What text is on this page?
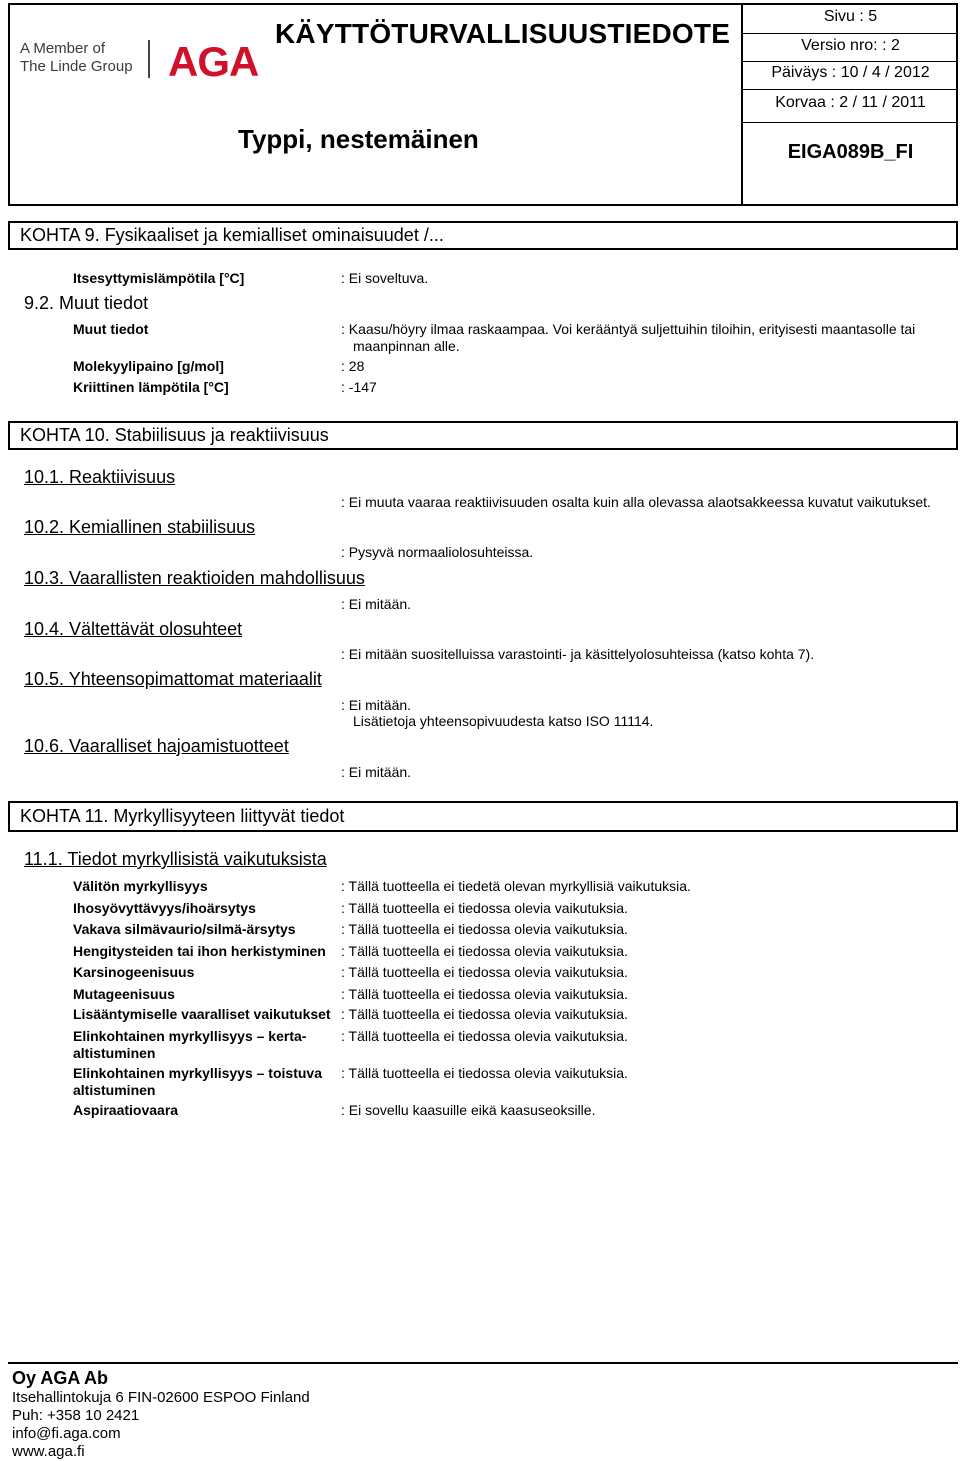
A Member of
The Linde Group AGA
KÄYTTÖTURVALLISUUSTIEDOTE
Typpi, nestemäinen
Sivu : 5
Versio nro: : 2
Päiväys : 10 / 4 / 2012
Korvaa : 2 / 11 / 2011
EIGA089B_FI
KOHTA 9. Fysikaaliset ja kemialliset ominaisuudet /...
Itsesyttymislämpötila [°C]	: Ei soveltuva.
9.2. Muut tiedot
Muut tiedot	: Kaasu/höyry ilmaa raskaampaa. Voi kerääntyä suljettuihin tiloihin, erityisesti maantasolle tai
maanpinnan alle.
Molekyylipaino [g/mol]	: 28
Kriittinen lämpötila [°C]	: -147
KOHTA 10. Stabiilisuus ja reaktiivisuus
10.1. Reaktiivisuus
: Ei muuta vaaraa reaktiivisuuden osalta kuin alla olevassa alaotsakkeessa kuvatut vaikutukset.
10.2. Kemiallinen stabiilisuus
: Pysyvä normaaliolosuhteissa.
10.3. Vaarallisten reaktioiden mahdollisuus
: Ei mitään.
10.4. Vältettävät olosuhteet
: Ei mitään suositelluissa varastointi- ja käsittelyolosuhteissa (katso kohta 7).
10.5. Yhteensopimattomat materiaalit
: Ei mitään.
Lisätietoja yhteensopivuudesta katso ISO 11114.
10.6. Vaaralliset hajoamistuotteet
: Ei mitään.
KOHTA 11. Myrkyllisyyteen liittyvät tiedot
11.1. Tiedot myrkyllisistä vaikutuksista
Välitön myrkyllisyys	: Tällä tuotteella ei tiedetä olevan myrkyllisiä vaikutuksia.
Ihosyövyttävyys/ihoärsytys	: Tällä tuotteella ei tiedossa olevia vaikutuksia.
Vakava silmävaurio/silmä-ärsytys	: Tällä tuotteella ei tiedossa olevia vaikutuksia.
Hengitysteiden tai ihon herkistyminen : Tällä tuotteella ei tiedossa olevia vaikutuksia.
Karsinogeenisuus	: Tällä tuotteella ei tiedossa olevia vaikutuksia.
Mutageenisuus	: Tällä tuotteella ei tiedossa olevia vaikutuksia.
Lisääntymiselle vaaralliset vaikutukset : Tällä tuotteella ei tiedossa olevia vaikutuksia.
Elinkohtainen myrkyllisyys – kerta-
altistuminen
: Tällä tuotteella ei tiedossa olevia vaikutuksia.
Elinkohtainen myrkyllisyys – toistuva
altistuminen
: Tällä tuotteella ei tiedossa olevia vaikutuksia.
Aspiraatiovaara	: Ei sovellu kaasuille eikä kaasuseoksille.
Oy AGA Ab
Itsehallintokuja 6 FIN-02600 ESPOO Finland
Puh: +358 10 2421
info@fi.aga.com
www.aga.fi
